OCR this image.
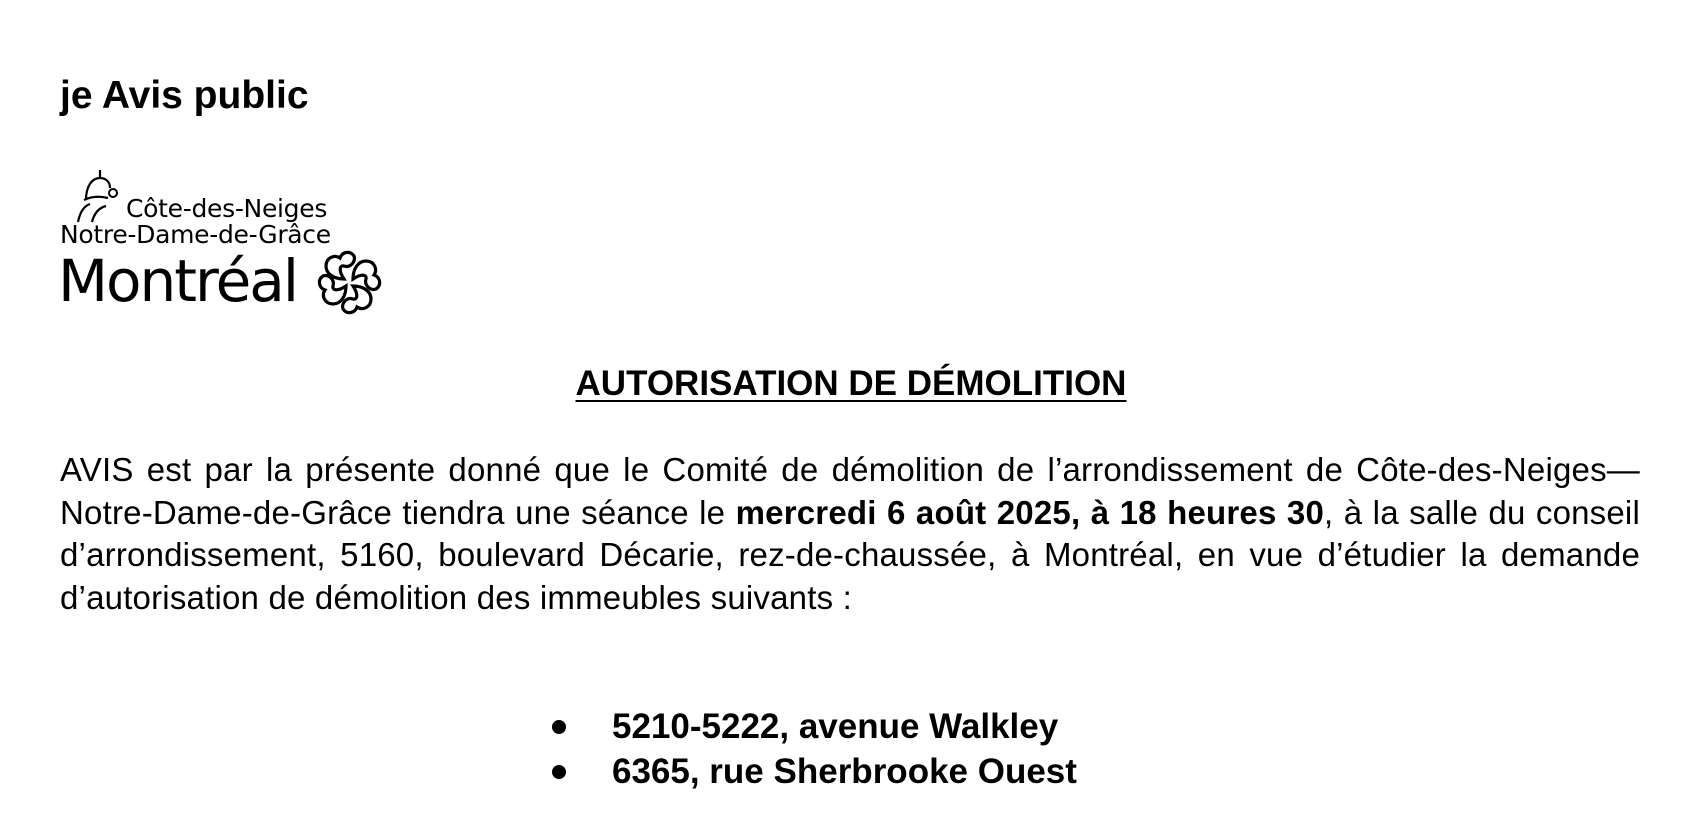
je Avis public
Côte-des-Neiges
Notre-Dame-de-Grâce
Montréal
AUTORISATION DE DÉMOLITION
AVIS est par la présente donné que le Comité de démolition de l’arrondissement de Côte-des-Neiges—Notre-Dame-de-Grâce tiendra une séance le mercredi 6 août 2025, à 18 heures 30, à la salle du conseil d’arrondissement, 5160, boulevard Décarie, rez-de-chaussée, à Montréal, en vue d’étudier la demande d’autorisation de démolition des immeubles suivants :
5210-5222, avenue Walkley
6365, rue Sherbrooke Ouest
